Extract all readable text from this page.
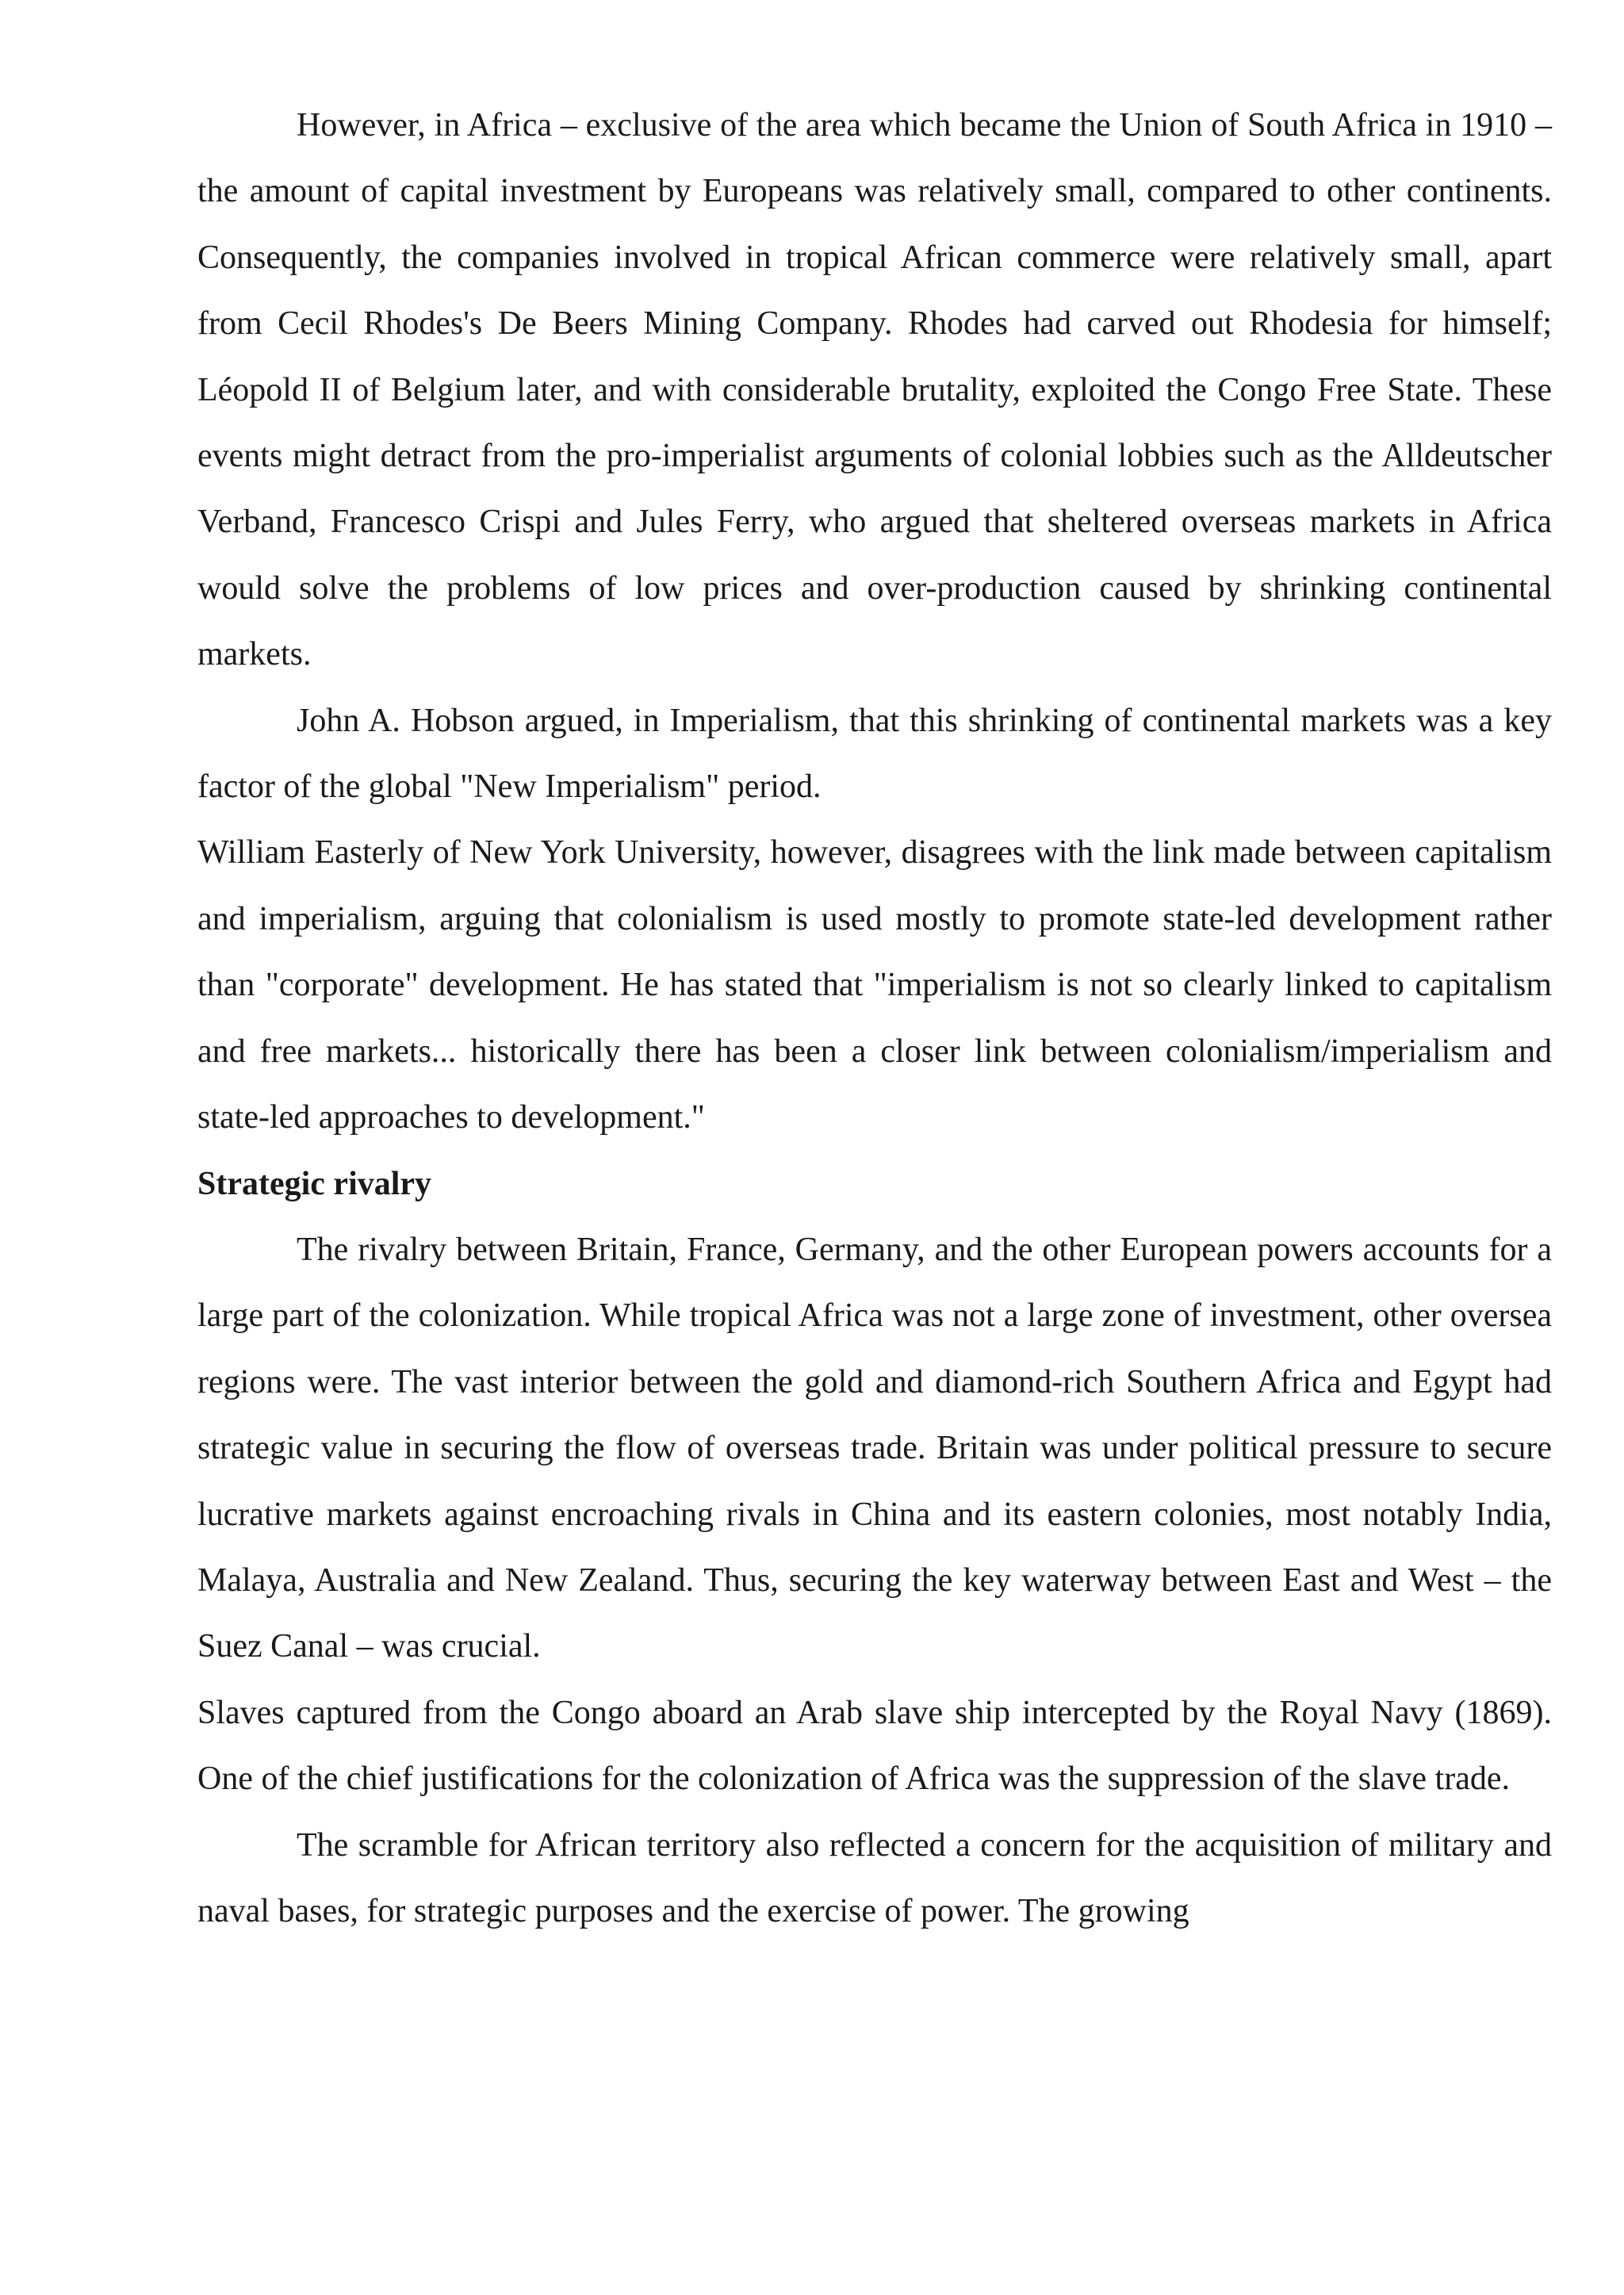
However, in Africa – exclusive of the area which became the Union of South Africa in 1910 – the amount of capital investment by Europeans was relatively small, compared to other continents. Consequently, the companies involved in tropical African commerce were relatively small, apart from Cecil Rhodes's De Beers Mining Company. Rhodes had carved out Rhodesia for himself; Léopold II of Belgium later, and with considerable brutality, exploited the Congo Free State. These events might detract from the pro-imperialist arguments of colonial lobbies such as the Alldeutscher Verband, Francesco Crispi and Jules Ferry, who argued that sheltered overseas markets in Africa would solve the problems of low prices and over-production caused by shrinking continental markets.

John A. Hobson argued, in Imperialism, that this shrinking of continental markets was a key factor of the global "New Imperialism" period.

William Easterly of New York University, however, disagrees with the link made between capitalism and imperialism, arguing that colonialism is used mostly to promote state-led development rather than "corporate" development. He has stated that "imperialism is not so clearly linked to capitalism and free markets... historically there has been a closer link between colonialism/imperialism and state-led approaches to development."

Strategic rivalry

The rivalry between Britain, France, Germany, and the other European powers accounts for a large part of the colonization. While tropical Africa was not a large zone of investment, other oversea regions were. The vast interior between the gold and diamond-rich Southern Africa and Egypt had strategic value in securing the flow of overseas trade. Britain was under political pressure to secure lucrative markets against encroaching rivals in China and its eastern colonies, most notably India, Malaya, Australia and New Zealand. Thus, securing the key waterway between East and West – the Suez Canal – was crucial.

Slaves captured from the Congo aboard an Arab slave ship intercepted by the Royal Navy (1869). One of the chief justifications for the colonization of Africa was the suppression of the slave trade.

The scramble for African territory also reflected a concern for the acquisition of military and naval bases, for strategic purposes and the exercise of power. The growing
